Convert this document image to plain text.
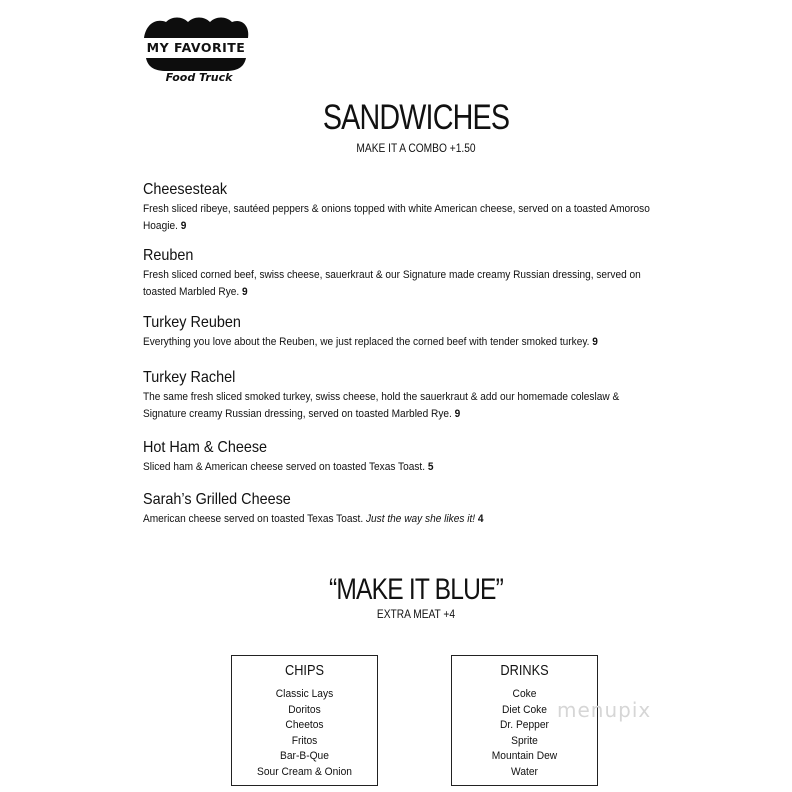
MY FAVORITE
Food Truck
SANDWICHES
MAKE IT A COMBO +1.50
Cheesesteak
Fresh sliced ribeye, sautéed peppers & onions topped with white American cheese, served on a toasted Amoroso Hoagie. 9
Reuben
Fresh sliced corned beef, swiss cheese, sauerkraut & our Signature made creamy Russian dressing, served on toasted Marbled Rye. 9
Turkey Reuben
Everything you love about the Reuben, we just replaced the corned beef with tender smoked turkey. 9
Turkey Rachel
The same fresh sliced smoked turkey, swiss cheese, hold the sauerkraut & add our homemade coleslaw & Signature creamy Russian dressing, served on toasted Marbled Rye. 9
Hot Ham & Cheese
Sliced ham & American cheese served on toasted Texas Toast. 5
Sarah’s Grilled Cheese
American cheese served on toasted Texas Toast. Just the way she likes it! 4
“MAKE IT BLUE”
EXTRA MEAT +4
CHIPS
Classic Lays
Doritos
Cheetos
Fritos
Bar-B-Que
Sour Cream & Onion
DRINKS
Coke
Diet Coke
Dr. Pepper
Sprite
Mountain Dew
Water
menupix
